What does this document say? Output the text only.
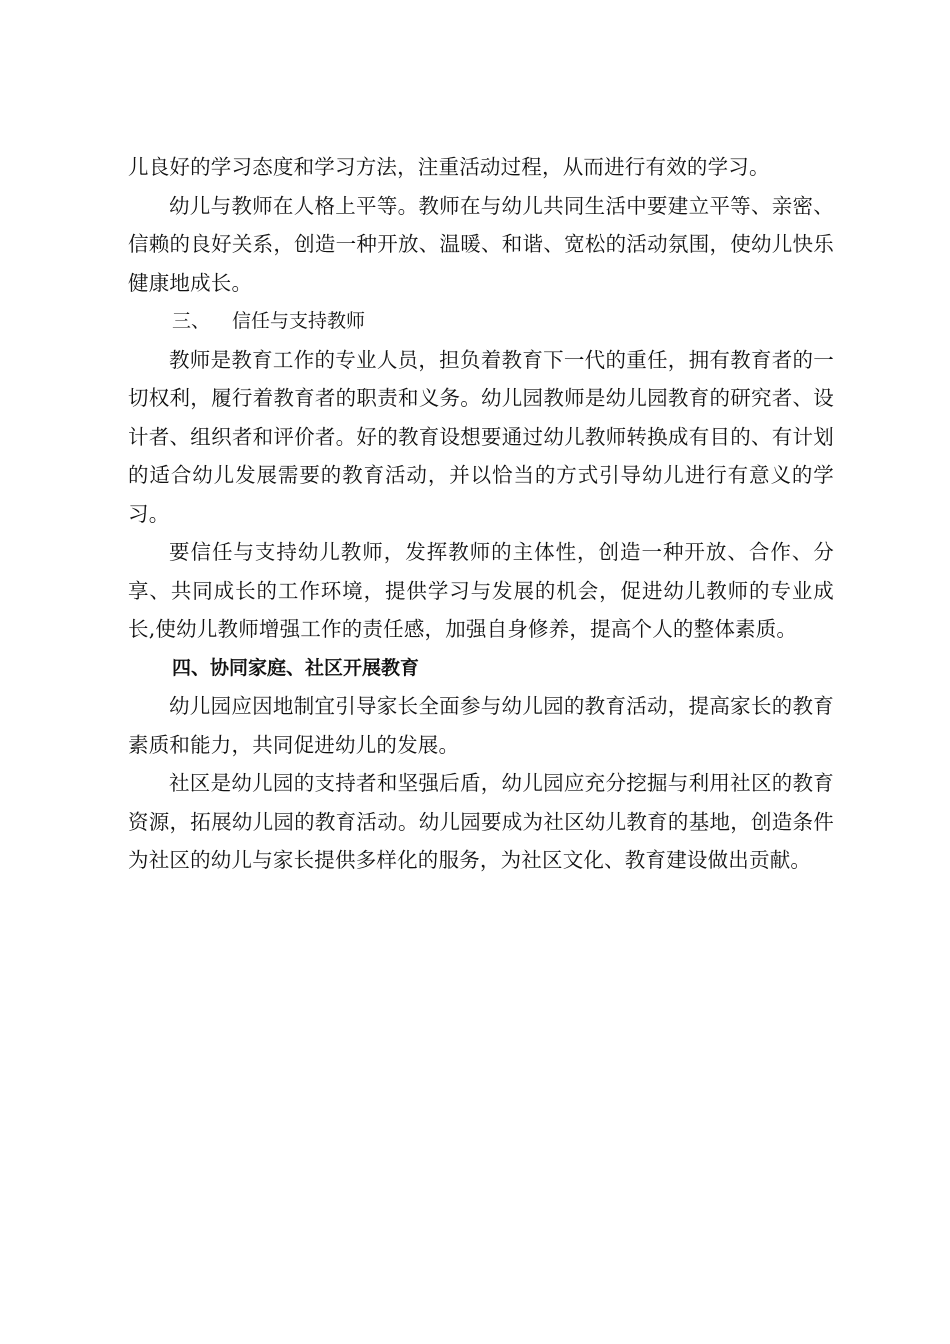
儿良好的学习态度和学习方法，注重活动过程，从而进行有效的学习。

幼儿与教师在人格上平等。教师在与幼儿共同生活中要建立平等、亲密、信赖的良好关系，创造一种开放、温暖、和谐、宽松的活动氛围，使幼儿快乐健康地成长。

三、 信任与支持教师

教师是教育工作的专业人员，担负着教育下一代的重任，拥有教育者的一切权利，履行着教育者的职责和义务。幼儿园教师是幼儿园教育的研究者、设计者、组织者和评价者。好的教育设想要通过幼儿教师转换成有目的、有计划的适合幼儿发展需要的教育活动，并以恰当的方式引导幼儿进行有意义的学习。

要信任与支持幼儿教师，发挥教师的主体性，创造一种开放、合作、分享、共同成长的工作环境，提供学习与发展的机会，促进幼儿教师的专业成长,使幼儿教师增强工作的责任感，加强自身修养，提高个人的整体素质。

四、协同家庭、社区开展教育

幼儿园应因地制宜引导家长全面参与幼儿园的教育活动，提高家长的教育素质和能力，共同促进幼儿的发展。

社区是幼儿园的支持者和坚强后盾，幼儿园应充分挖掘与利用社区的教育资源，拓展幼儿园的教育活动。幼儿园要成为社区幼儿教育的基地，创造条件为社区的幼儿与家长提供多样化的服务，为社区文化、教育建设做出贡献。
